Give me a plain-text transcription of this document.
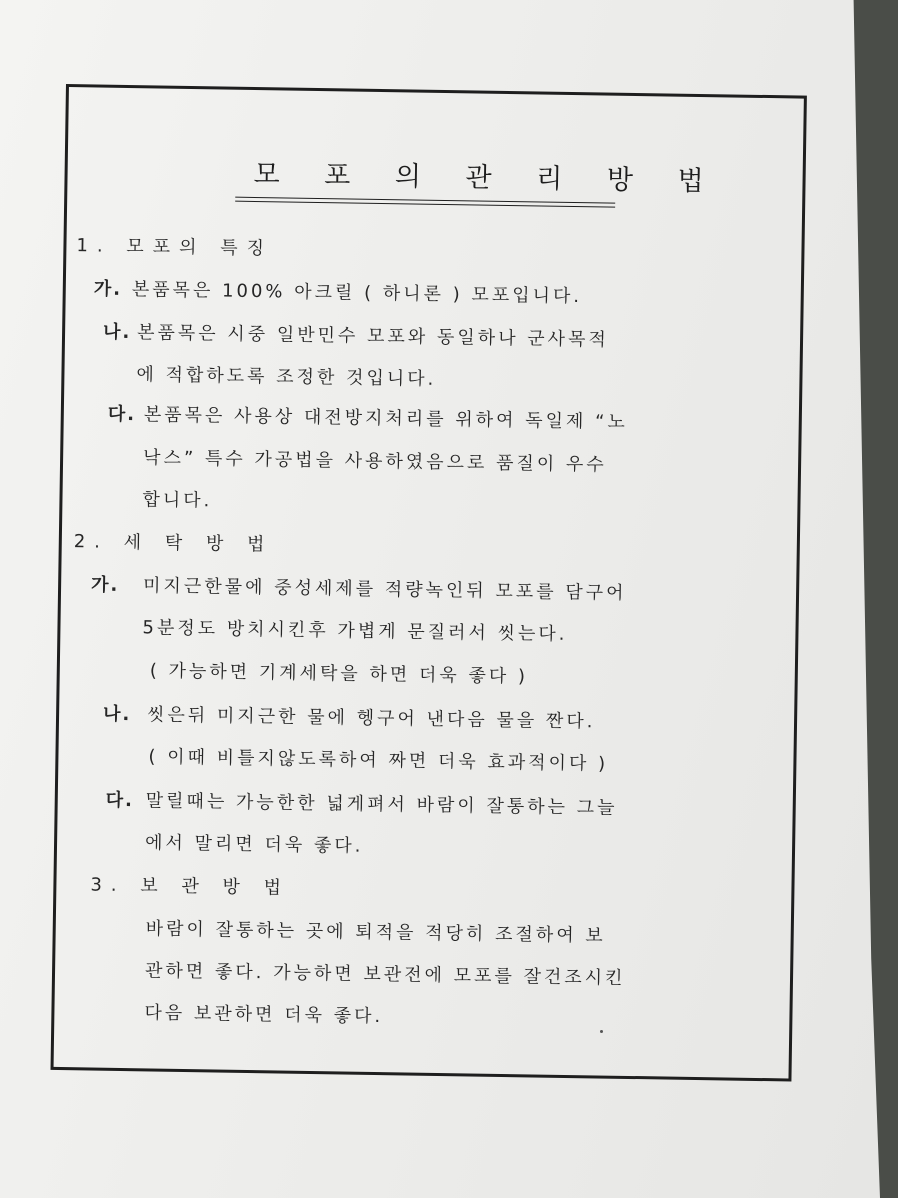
모 포 의 관 리 방 법
1. 모포의 특징
가. 본품목은 100% 아크릴 ( 하니론 ) 모포입니다.
나. 본품목은 시중 일반민수 모포와 동일하나 군사목적
에 적합하도록 조정한 것입니다.
다. 본품목은 사용상 대전방지처리를 위하여 독일제 “노
낙스” 특수 가공법을 사용하였음으로 품질이 우수
합니다.
2. 세 탁 방 법
가. 미지근한물에 중성세제를 적량녹인뒤 모포를 담구어
5분정도 방치시킨후 가볍게 문질러서 씻는다.
( 가능하면 기계세탁을 하면 더욱 좋다 )
나. 씻은뒤 미지근한 물에 헹구어 낸다음 물을 짠다.
( 이때 비틀지않도록하여 짜면 더욱 효과적이다 )
다. 말릴때는 가능한한 넓게펴서 바람이 잘통하는 그늘
에서 말리면 더욱 좋다.
3. 보 관 방 법
바람이 잘통하는 곳에 퇴적을 적당히 조절하여 보
관하면 좋다. 가능하면 보관전에 모포를 잘건조시킨
다음 보관하면 더욱 좋다.
